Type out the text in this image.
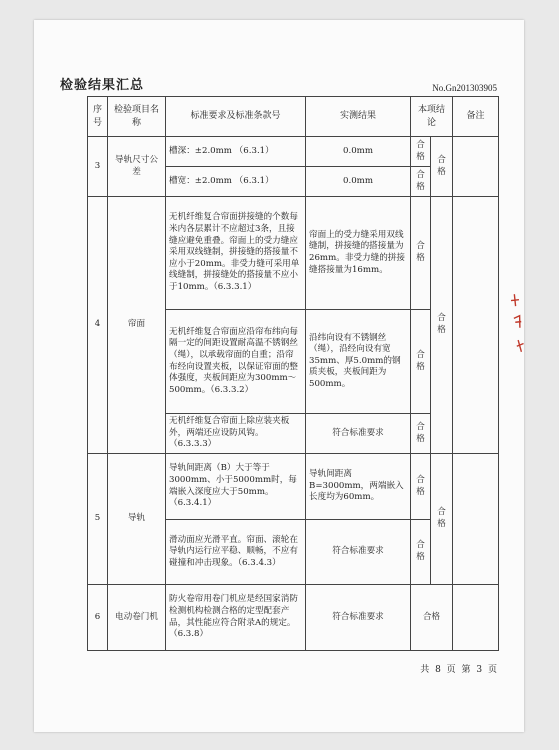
检验结果汇总	No.Gn201303905
序号	检验项目名称	标准要求及标准条款号	实测结果	本项结论		备注
3	导轨尺寸公差	槽深：±2.0mm （6.3.1）	0.0mm	合格	合格	
		槽宽：±2.0mm （6.3.1）	0.0mm	合格		
4	帘面	无机纤维复合帘面拼接缝的个数每米内各层累计不应超过3条，且接缝应避免重叠。帘面上的受力缝应采用双线缝制，拼接缝的搭接量不应小于20mm。非受力缝可采用单线缝制，拼接缝处的搭接量不应小于10mm。（6.3.3.1）	帘面上的受力缝采用双线缝制，拼接缝的搭接量为26mm。非受力缝的拼接缝搭接量为16mm。	合格	合格	
		无机纤维复合帘面应沿帘布纬向每隔一定的间距设置耐高温不锈钢丝（绳），以承载帘面的自重；沿帘布经向设置夹板，以保证帘面的整体强度，夹板间距应为300mm～500mm。（6.3.3.2）	沿纬向设有不锈钢丝（绳），沿经向设有宽35mm、厚5.0mm的钢质夹板，夹板间距为500mm。	合格		
		无机纤维复合帘面上除应装夹板外，两端还应设防风钩。（6.3.3.3）	符合标准要求	合格		
5	导轨	导轨间距离（B）大于等于3000mm、小于5000mm时，每端嵌入深度应大于50mm。（6.3.4.1）	导轨间距离B=3000mm，两端嵌入长度均为60mm。	合格	合格	
		滑动面应光滑平直。帘面、滚轮在导轨内运行应平稳、顺畅，不应有碰撞和冲击现象。（6.3.4.3）	符合标准要求	合格		
6	电动卷门机	防火卷帘用卷门机应是经国家消防检测机构检测合格的定型配套产品，其性能应符合附录A的规定。（6.3.8）	符合标准要求	合格		
共 8 页 第 3 页
